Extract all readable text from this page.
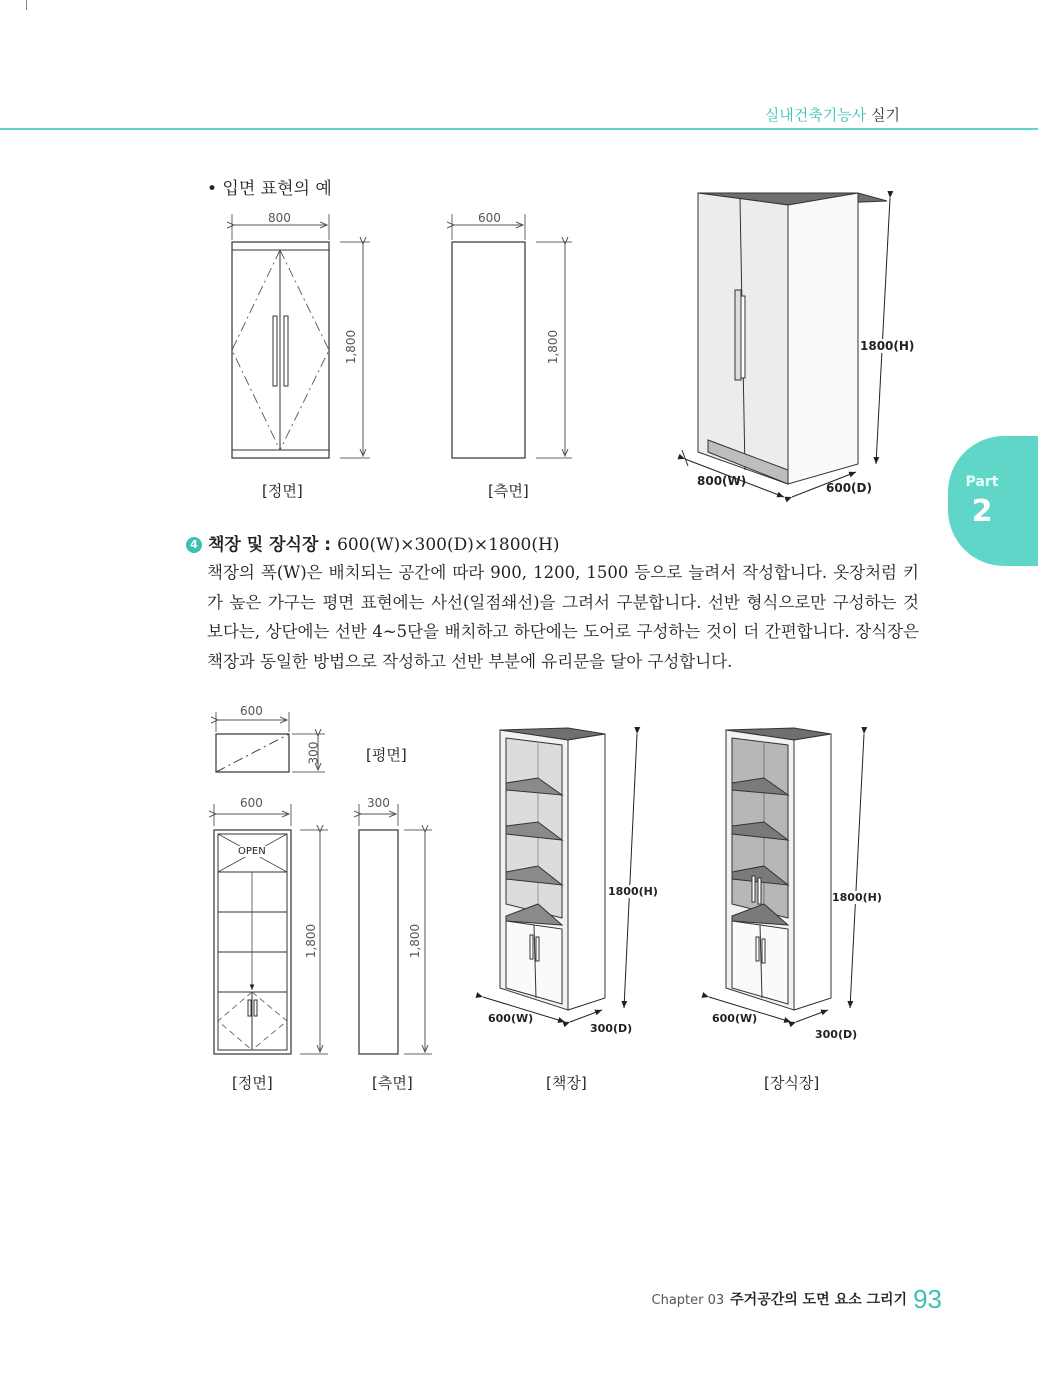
실내건축기능사 실기
Part
2
• 입면 표현의 예
800
1,800
[정면]
600
1,800
[측면]
1800(H)
800(W)	600(D)
4 책장 및 장식장 : 600(W)×300(D)×1800(H)
책장의 폭(W)은 배치되는 공간에 따라 900, 1200, 1500 등으로 늘려서 작성합니다. 옷장처럼 키가 높은 가구는 평면 표현에는 사선(일점쇄선)을 그려서 구분합니다. 선반 형식으로만 구성하는 것보다는, 상단에는 선반 4~5단을 배치하고 하단에는 도어로 구성하는 것이 더 간편합니다. 장식장은 책장과 동일한 방법으로 작성하고 선반 부분에 유리문을 달아 구성합니다.
600
300	[평면]
600
OPEN
1,800
[정면]
300
1,800
[측면]
1800(H)
600(W)
300(D)
[책장]
1800(H)
600(W)
300(D)
[장식장]
$^{Chapter 03}$ 주거공간의 도면 요소 그리기 93
